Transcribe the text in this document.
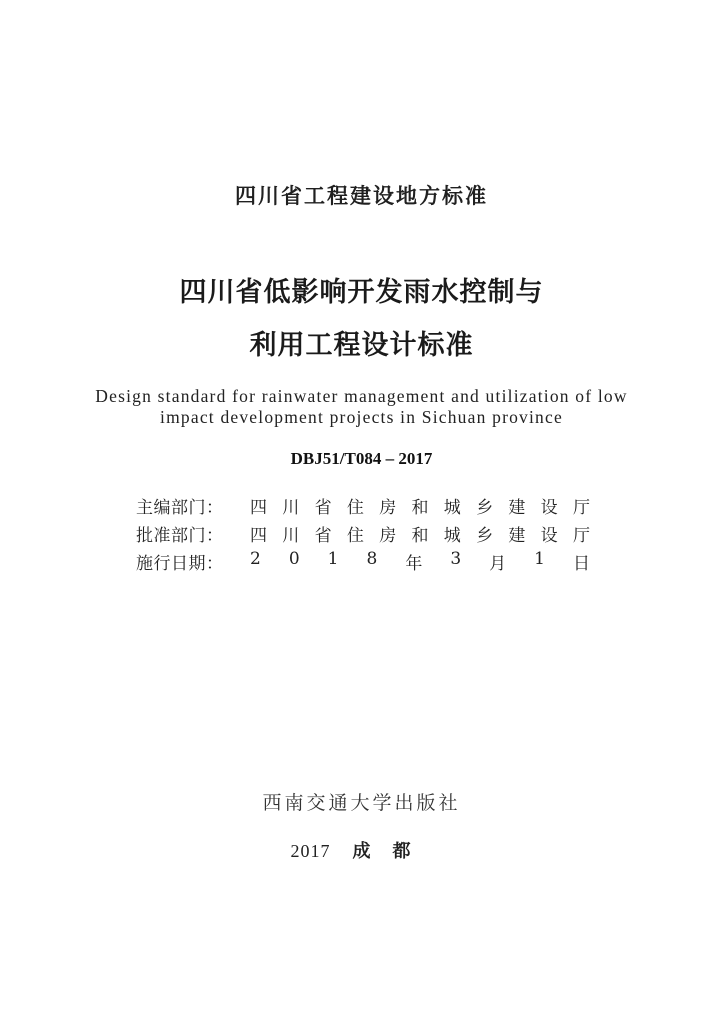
四川省工程建设地方标准
四川省低影响开发雨水控制与
利用工程设计标准
Design standard for rainwater management and utilization of low
impact development projects in Sichuan province
DBJ51/T084 – 2017
主编部门： 四 川 省 住 房 和 城 乡 建 设 厅
批准部门： 四 川 省 住 房 和 城 乡 建 设 厅
施行日期： 2 0 1 8 年 3 月 1 日
西南交通大学出版社
2017 成都
